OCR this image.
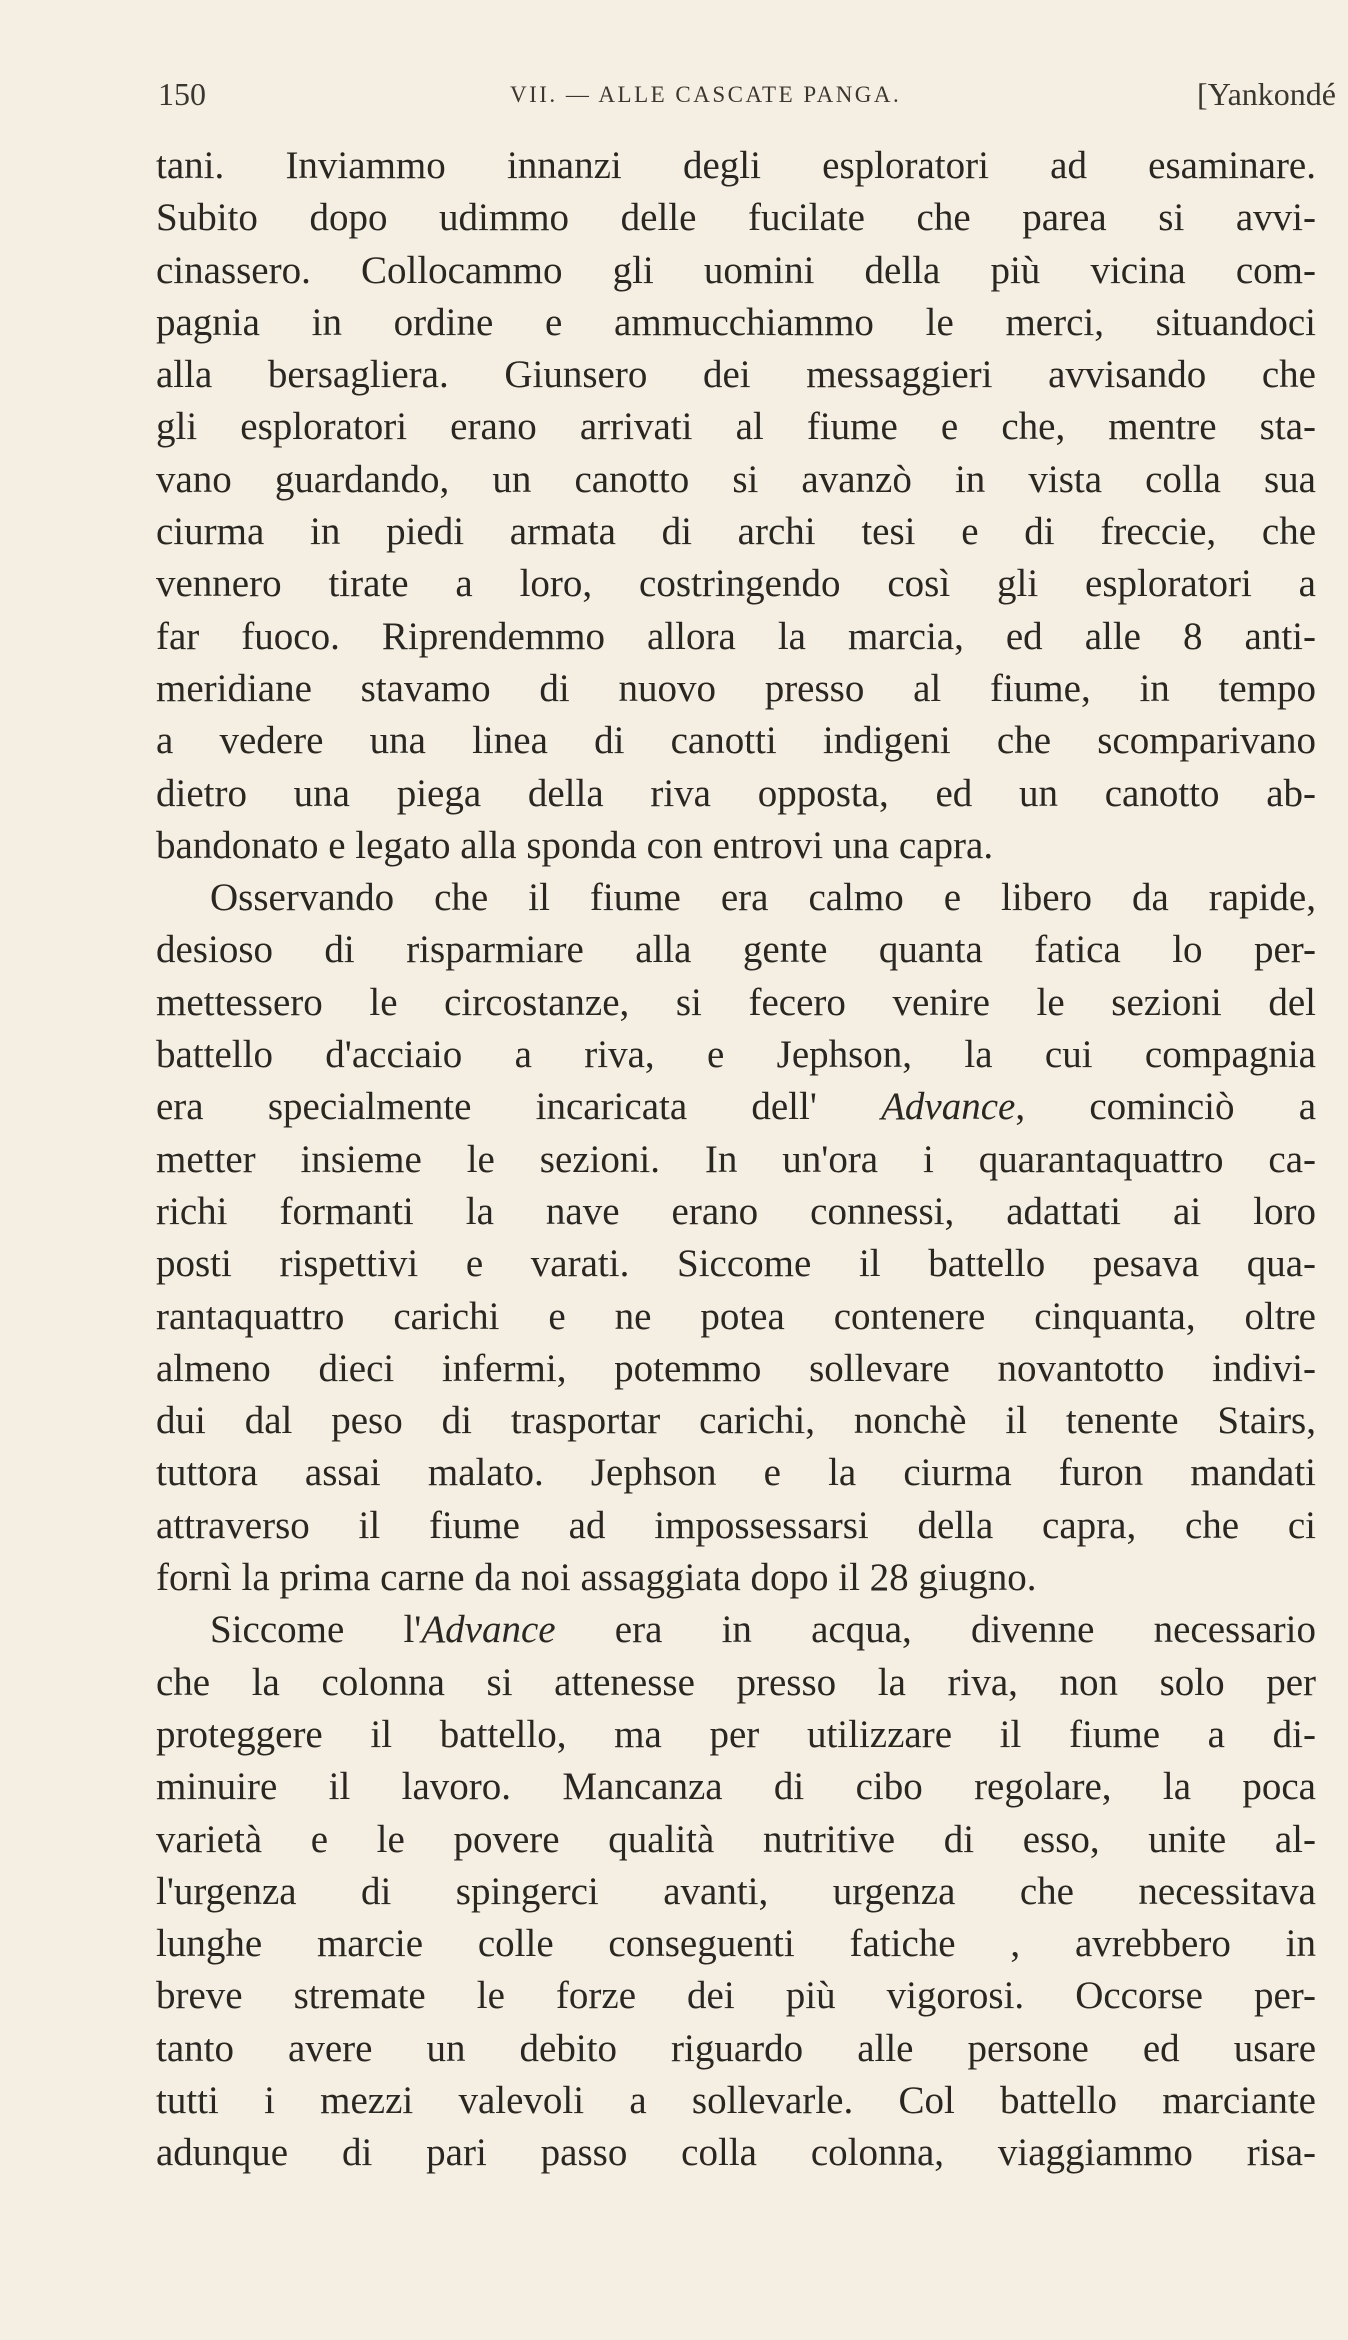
150	VII. — ALLE CASCATE PANGA.	[Yankondé
tani. Inviammo innanzi degli esploratori ad esaminare.
Subito dopo udimmo delle fucilate che parea si avvi-
cinassero. Collocammo gli uomini della più vicina com-
pagnia in ordine e ammucchiammo le merci, situandoci
alla bersagliera. Giunsero dei messaggieri avvisando che
gli esploratori erano arrivati al fiume e che, mentre sta-
vano guardando, un canotto si avanzò in vista colla sua
ciurma in piedi armata di archi tesi e di freccie, che
vennero tirate a loro, costringendo così gli esploratori a
far fuoco. Riprendemmo allora la marcia, ed alle 8 anti-
meridiane stavamo di nuovo presso al fiume, in tempo
a vedere una linea di canotti indigeni che scomparivano
dietro una piega della riva opposta, ed un canotto ab-
bandonato e legato alla sponda con entrovi una capra.
Osservando che il fiume era calmo e libero da rapide,
desioso di risparmiare alla gente quanta fatica lo per-
mettessero le circostanze, si fecero venire le sezioni del
battello d'acciaio a riva, e Jephson, la cui compagnia
era specialmente incaricata dell' Advance, cominciò a
metter insieme le sezioni. In un'ora i quarantaquattro ca-
richi formanti la nave erano connessi, adattati ai loro
posti rispettivi e varati. Siccome il battello pesava qua-
rantaquattro carichi e ne potea contenere cinquanta, oltre
almeno dieci infermi, potemmo sollevare novantotto indivi-
dui dal peso di trasportar carichi, nonchè il tenente Stairs,
tuttora assai malato. Jephson e la ciurma furon mandati
attraverso il fiume ad impossessarsi della capra, che ci
fornì la prima carne da noi assaggiata dopo il 28 giugno.
Siccome l'Advance era in acqua, divenne necessario
che la colonna si attenesse presso la riva, non solo per
proteggere il battello, ma per utilizzare il fiume a di-
minuire il lavoro. Mancanza di cibo regolare, la poca
varietà e le povere qualità nutritive di esso, unite al-
l'urgenza di spingerci avanti, urgenza che necessitava
lunghe marcie colle conseguenti fatiche , avrebbero in
breve stremate le forze dei più vigorosi. Occorse per-
tanto avere un debito riguardo alle persone ed usare
tutti i mezzi valevoli a sollevarle. Col battello marciante
adunque di pari passo colla colonna, viaggiammo risa-
